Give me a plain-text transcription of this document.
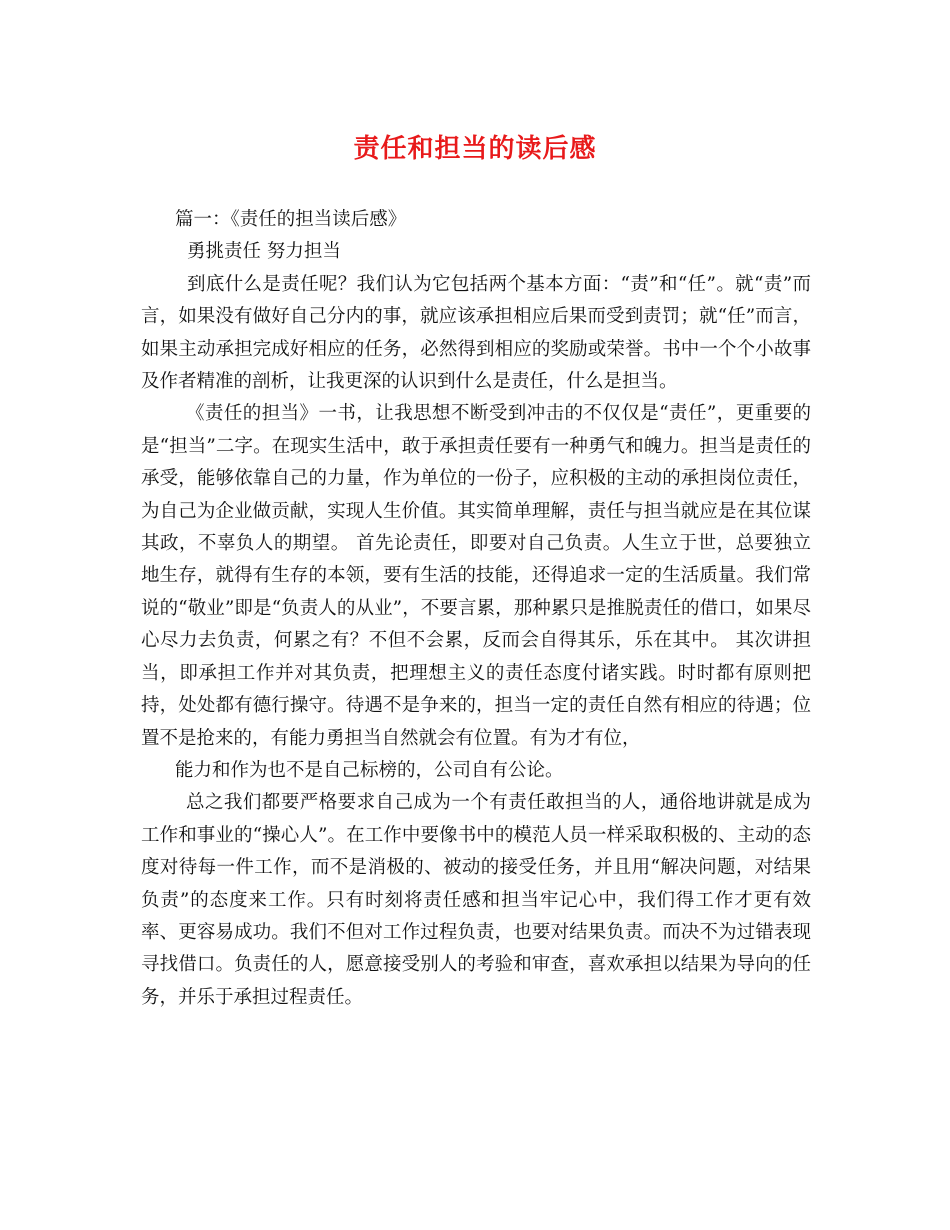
责任和担当的读后感

篇一：《责任的担当读后感》

勇挑责任 努力担当

到底什么是责任呢？我们认为它包括两个基本方面：“责”和“任”。就“责”而言，如果没有做好自己分内的事，就应该承担相应后果而受到责罚；就“任”而言，如果主动承担完成好相应的任务，必然得到相应的奖励或荣誉。书中一个个小故事及作者精准的剖析，让我更深的认识到什么是责任，什么是担当。

《责任的担当》一书，让我思想不断受到冲击的不仅仅是“责任”，更重要的是“担当”二字。在现实生活中，敢于承担责任要有一种勇气和魄力。担当是责任的承受，能够依靠自己的力量，作为单位的一份子，应积极的主动的承担岗位责任，为自己为企业做贡献，实现人生价值。其实简单理解，责任与担当就应是在其位谋其政，不辜负人的期望。 首先论责任，即要对自己负责。人生立于世，总要独立地生存，就得有生存的本领，要有生活的技能，还得追求一定的生活质量。我们常说的“敬业”即是“负责人的从业”，不要言累，那种累只是推脱责任的借口，如果尽心尽力去负责，何累之有？不但不会累，反而会自得其乐，乐在其中。 其次讲担当，即承担工作并对其负责，把理想主义的责任态度付诸实践。时时都有原则把持，处处都有德行操守。待遇不是争来的，担当一定的责任自然有相应的待遇；位置不是抢来的，有能力勇担当自然就会有位置。有为才有位，

能力和作为也不是自己标榜的，公司自有公论。

总之我们都要严格要求自己成为一个有责任敢担当的人，通俗地讲就是成为工作和事业的“操心人”。在工作中要像书中的模范人员一样采取积极的、主动的态度对待每一件工作，而不是消极的、被动的接受任务，并且用“解决问题，对结果负责”的态度来工作。只有时刻将责任感和担当牢记心中，我们得工作才更有效率、更容易成功。我们不但对工作过程负责，也要对结果负责。而决不为过错表现寻找借口。负责任的人，愿意接受别人的考验和审查，喜欢承担以结果为导向的任务，并乐于承担过程责任。
